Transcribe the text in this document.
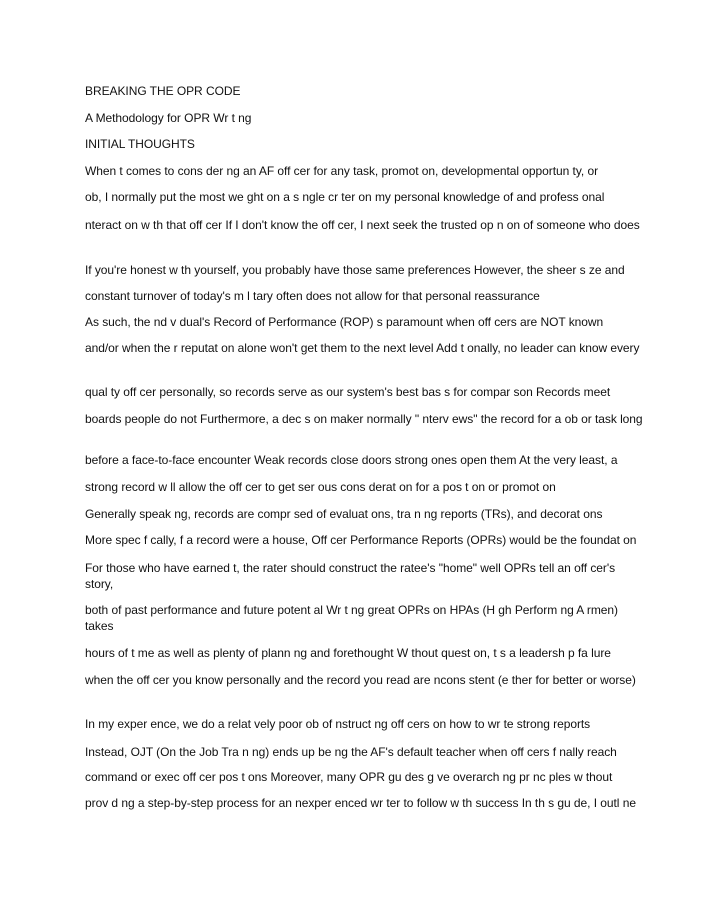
BREAKING THE OPR CODE
A Methodology for OPR Wr t ng
INITIAL THOUGHTS
When t comes to cons der ng an AF off cer for any task, promot on, developmental opportun ty, or
ob, I normally put the most we ght on a s ngle cr ter on my personal knowledge of and profess onal
nteract on w th that off cer If I don't know the off cer, I next seek the trusted op n on of someone who does
If you're honest w th yourself, you probably have those same preferences However, the sheer s ze and
constant turnover of today's m l tary often does not allow for that personal reassurance
As such, the nd v dual's Record of Performance (ROP) s paramount when off cers are NOT known
and/or when the r reputat on alone won't get them to the next level Add t onally, no leader can know every
qual ty off cer personally, so records serve as our system's best bas s for compar son Records meet
boards people do not Furthermore, a dec s on maker normally " nterv ews" the record for a ob or task long
before a face-to-face encounter Weak records close doors strong ones open them At the very least, a
strong record w ll allow the off cer to get ser ous cons derat on for a pos t on or promot on
Generally speak ng, records are compr sed of evaluat ons, tra n ng reports (TRs), and decorat ons
More spec f cally, f a record were a house, Off cer Performance Reports (OPRs) would be the foundat on
For those who have earned t, the rater should construct the ratee's "home" well OPRs tell an off cer's story,
both of past performance and future potent al Wr t ng great OPRs on HPAs (H gh Perform ng A rmen) takes
hours of t me as well as plenty of plann ng and forethought W thout quest on, t s a leadersh p fa lure
when the off cer you know personally and the record you read are ncons stent (e ther for better or worse)
In my exper ence, we do a relat vely poor ob of nstruct ng off cers on how to wr te strong reports
Instead, OJT (On the Job Tra n ng) ends up be ng the AF's default teacher when off cers f nally reach
command or exec off cer pos t ons Moreover, many OPR gu des g ve overarch ng pr nc ples w thout
prov d ng a step-by-step process for an nexper enced wr ter to follow w th success In th s gu de, I outl ne
